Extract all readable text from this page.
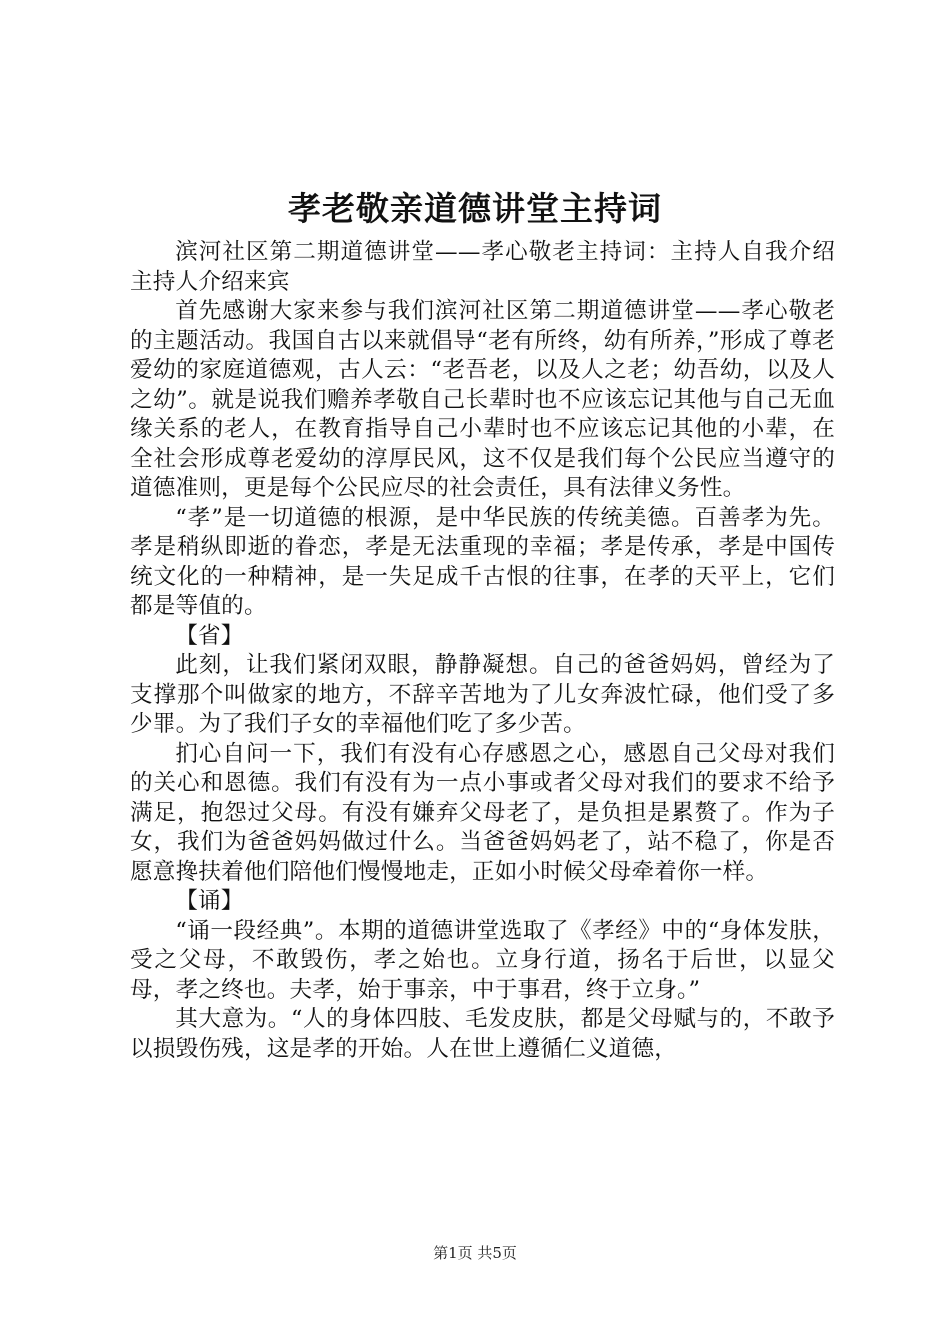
孝老敬亲道德讲堂主持词

滨河社区第二期道德讲堂——孝心敬老主持词：主持人自我介绍主持人介绍来宾

首先感谢大家来参与我们滨河社区第二期道德讲堂——孝心敬老的主题活动。我国自古以来就倡导“老有所终，幼有所养，”形成了尊老爱幼的家庭道德观，古人云：“老吾老，以及人之老；幼吾幼，以及人之幼”。就是说我们赡养孝敬自己长辈时也不应该忘记其他与自己无血缘关系的老人，在教育指导自己小辈时也不应该忘记其他的小辈，在全社会形成尊老爱幼的淳厚民风，这不仅是我们每个公民应当遵守的道德准则，更是每个公民应尽的社会责任，具有法律义务性。

“孝”是一切道德的根源，是中华民族的传统美德。百善孝为先。孝是稍纵即逝的眷恋，孝是无法重现的幸福；孝是传承，孝是中国传统文化的一种精神，是一失足成千古恨的往事，在孝的天平上，它们都是等值的。

【省】

此刻，让我们紧闭双眼，静静凝想。自己的爸爸妈妈，曾经为了支撑那个叫做家的地方，不辞辛苦地为了儿女奔波忙碌，他们受了多少罪。为了我们子女的幸福他们吃了多少苦。

扪心自问一下，我们有没有心存感恩之心，感恩自己父母对我们的关心和恩德。我们有没有为一点小事或者父母对我们的要求不给予满足，抱怨过父母。有没有嫌弃父母老了，是负担是累赘了。作为子女，我们为爸爸妈妈做过什么。当爸爸妈妈老了，站不稳了，你是否愿意搀扶着他们陪他们慢慢地走，正如小时候父母牵着你一样。

【诵】

“诵一段经典”。本期的道德讲堂选取了《孝经》中的“身体发肤，受之父母，不敢毁伤，孝之始也。立身行道，扬名于后世，以显父母，孝之终也。夫孝，始于事亲，中于事君，终于立身。”

其大意为。“人的身体四肢、毛发皮肤，都是父母赋与的，不敢予以损毁伤残，这是孝的开始。人在世上遵循仁义道德，

第1页 共5页
